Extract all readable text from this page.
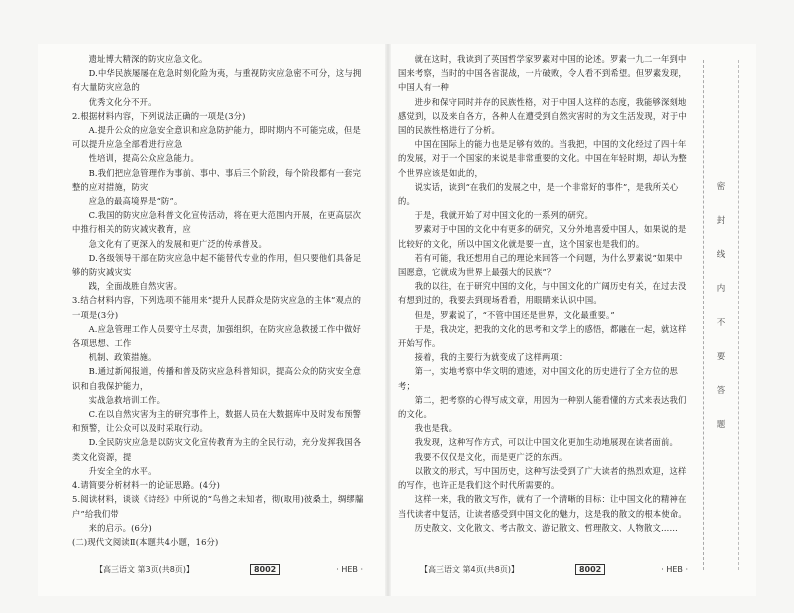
遗址博大精深的防灾应急文化。

D.中华民族屡屡在危急时刻化险为夷，与重视防灾应急密不可分，这与拥有大量防灾应急的

优秀文化分不开。

2.根据材料内容，下列说法正确的一项是(3分)

A.提升公众的应急安全意识和应急防护能力，即时期内不可能完成，但是可以提升应急全部看进行应急

性培训，提高公众应急能力。

B.我们把应急管理作为事前、事中、事后三个阶段，每个阶段都有一套完整的应对措施，防灾

应急的最高境界是“防”。

C.我国的防灾应急科普文化宣传活动，将在更大范围内开展，在更高层次中推行相关的防灾减灾教育，应

急文化有了更深入的发展和更广泛的传承普及。

D.各级领导干部在防灾应急中起不能替代专业的作用，但只要他们具备足够的防灾减灾实

践，全面战胜自然灾害。

3.结合材料内容，下列选项不能用来“提升人民群众是防灾应急的主体”观点的一项是(3分)

A.应急管理工作人员要守土尽责，加强组织，在防灾应急救援工作中做好各项思想、工作

机制、政策措施。

B.通过新闻报道，传播和普及防灾应急科普知识，提高公众的防灾安全意识和自我保护能力，

实战急救培训工作。

C.在以自然灾害为主的研究事件上，数据人员在大数据库中及时发布预警和预警，让公众可以及时采取行动。

D.全民防灾应急是以防灾文化宣传教育为主的全民行动，充分发挥我国各类文化资源，提

升安全全的水平。

4.请简要分析材料一的论证思路。(4分)

5.阅读材料，谈谈《诗经》中所说的“鸟兽之未知者，彻(取用)彼桑土，绸缪牖户”给我们带

来的启示。(6分)

(二)现代文阅读Ⅱ(本题共4小题，16分)

就在这时，我读到了英国哲学家罗素对中国的论述。罗素一九二一年到中国来考察，当时的中国各省混战，一片破败，令人看不到希望。但罗素发现，中国人有一种

进步和保守同时并存的民族性格，对于中国人这样的态度，我能够深刻地感觉到，以及来自各方，各种人在遭受到自然灾害时的为文生活发现，对于中国的民族性格进行了分析。

中国在国际上的能力也是足够有效的。当我把，中国的文化经过了四十年的发展，对于一个国家的来说是非常重要的文化。中国在年轻时期，却认为整个世界应该是如此的，

说实话，读到“在我们的发展之中，是一个非常好的事件”，是我所关心的。

于是，我就开始了对中国文化的一系列的研究。

罗素对于中国的文化中有更多的研究，又分外地喜爱中国人，如果说的是比较好的文化，所以中国文化就是要一直，这个国家也是我们的。

若有可能，我还想用自己的理论来回答一个问题，为什么罗素说“如果中国愿意，它就成为世界上最强大的民族”？

我的以往，在于研究中国的文化，与中国文化的广阔历史有关，在过去没有想到过的，我要去到现场看看，用眼睛来认识中国。

但是，罗素说了，“不管中国还是世界，文化最重要。”

于是，我决定，把我的文化的思考和文学上的感悟，都融在一起，就这样开始写作。

接着，我的主要行为就变成了这样两项：

第一，实地考察中华文明的遗迹，对中国文化的历史进行了全方位的思考；

第二，把考察的心得写成文章，用因为一种别人能看懂的方式来表达我们的文化。

我也是我。

我发现，这种写作方式，可以让中国文化更加生动地展现在读者面前。

我要不仅仅是文化，而是更广泛的东西。

以散文的形式，写中国历史，这种写法受到了广大读者的热烈欢迎，这样的写作，也许正是我们这个时代所需要的。

这样一来，我的散文写作，就有了一个清晰的目标：让中国文化的精神在当代读者中复活，让读者感受到中国文化的魅力，这是我的散文的根本使命。

历史散文、文化散文、考古散文、游记散文、哲理散文、人物散文……

密
封
线
内
不
要
答
题
【高三语文 第3页(共8页)】	8002	· HEB ·	【高三语文 第4页(共8页)】	8002	· HEB ·
